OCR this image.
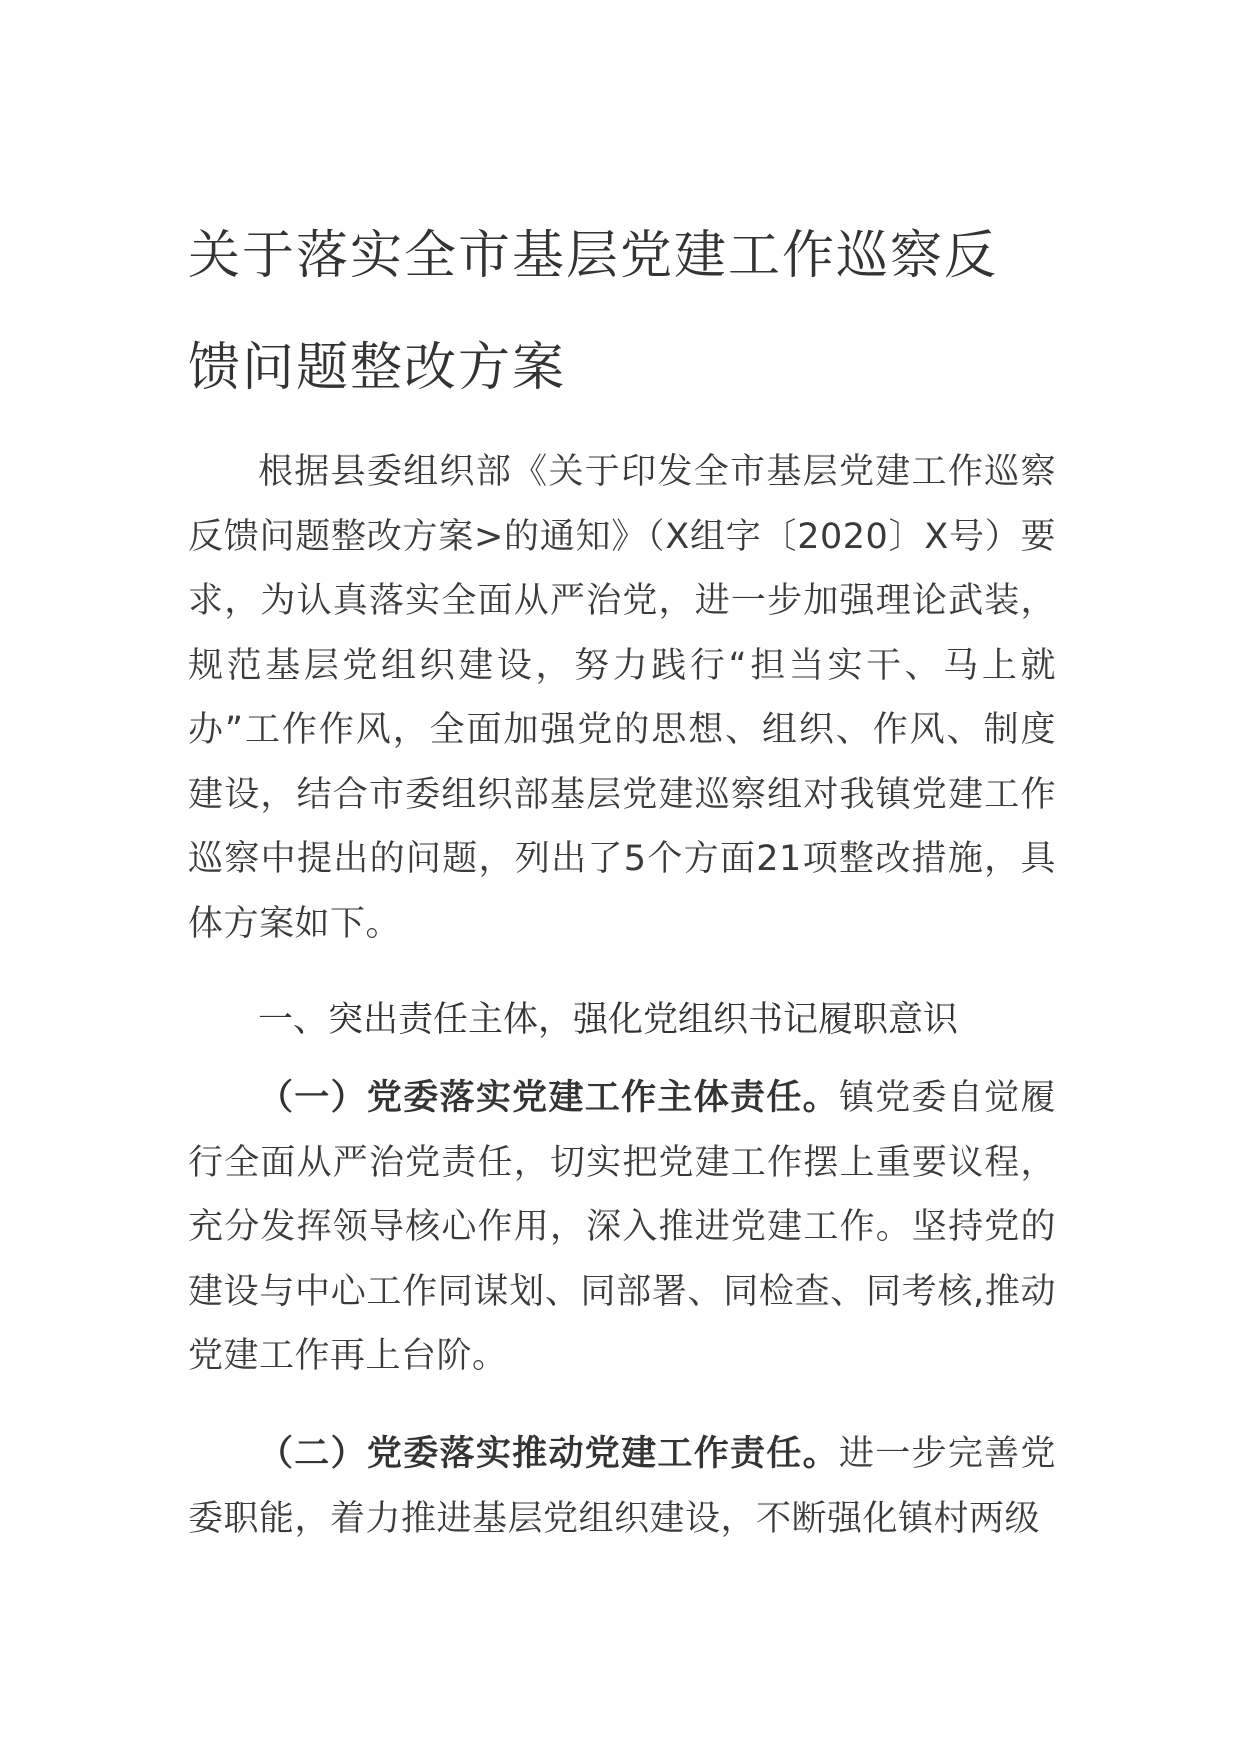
关于落实全市基层党建工作巡察反
馈问题整改方案

根据县委组织部《关于印发全市基层党建工作巡察反馈问题整改方案>的通知》（X组字〔2020〕X号）要求，为认真落实全面从严治党，进一步加强理论武装，规范基层党组织建设，努力践行“担当实干、马上就办”工作作风，全面加强党的思想、组织、作风、制度建设，结合市委组织部基层党建巡察组对我镇党建工作巡察中提出的问题，列出了5个方面21项整改措施，具体方案如下。

一、突出责任主体，强化党组织书记履职意识

（一）党委落实党建工作主体责任。镇党委自觉履行全面从严治党责任，切实把党建工作摆上重要议程，充分发挥领导核心作用，深入推进党建工作。坚持党的建设与中心工作同谋划、同部署、同检查、同考核,推动党建工作再上台阶。

（二）党委落实推动党建工作责任。进一步完善党委职能，着力推进基层党组织建设，不断强化镇村两级
